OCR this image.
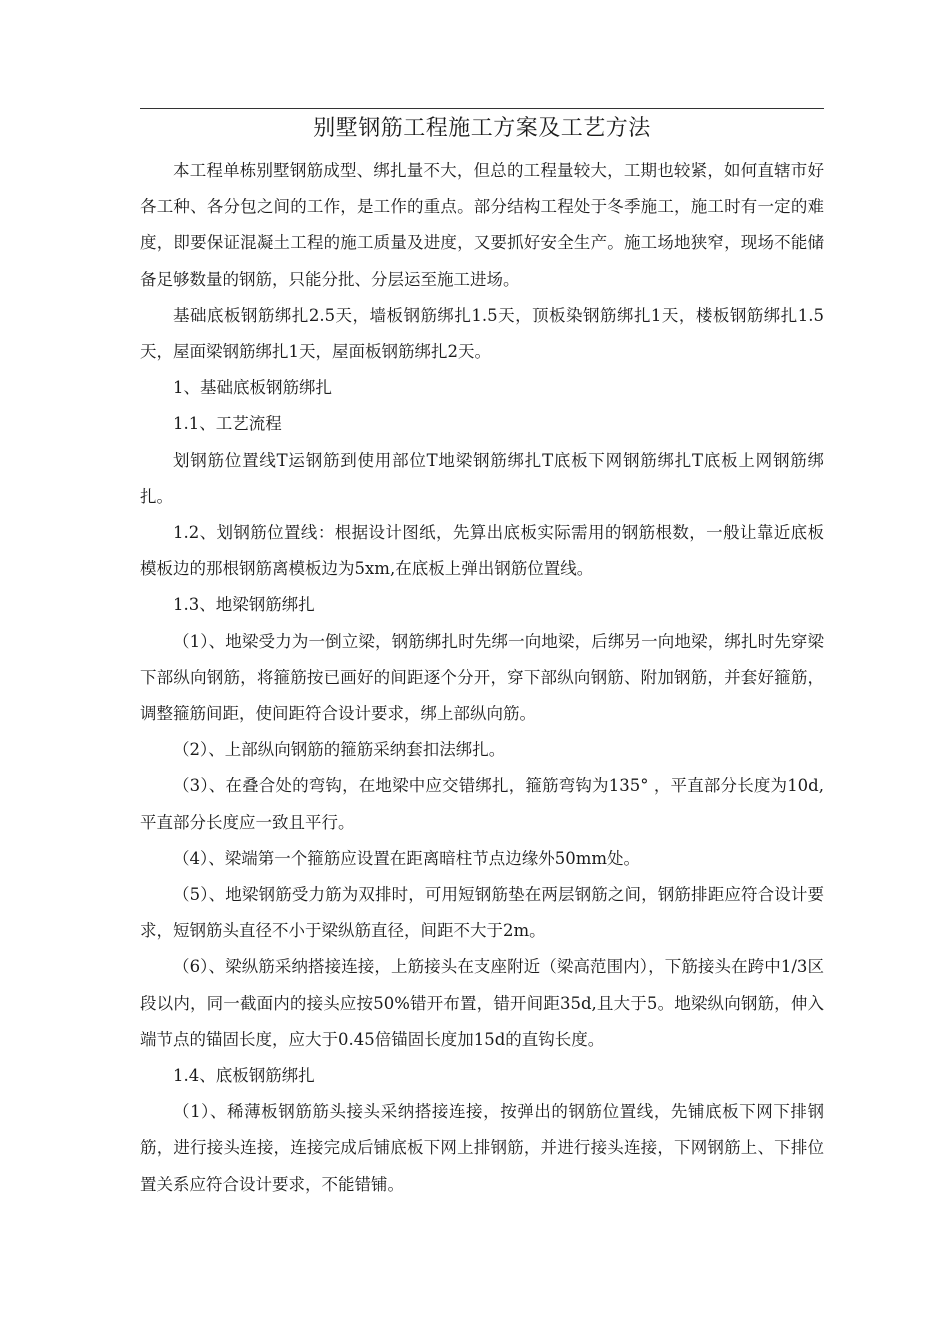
别墅钢筋工程施工方案及工艺方法

本工程单栋别墅钢筋成型、绑扎量不大，但总的工程量较大，工期也较紧，如何直辖市好各工种、各分包之间的工作，是工作的重点。部分结构工程处于冬季施工，施工时有一定的难度，即要保证混凝土工程的施工质量及进度，又要抓好安全生产。施工场地狭窄，现场不能储备足够数量的钢筋，只能分批、分层运至施工进场。

基础底板钢筋绑扎2.5天，墙板钢筋绑扎1.5天，顶板染钢筋绑扎1天，楼板钢筋绑扎1.5天，屋面梁钢筋绑扎1天，屋面板钢筋绑扎2天。

1、基础底板钢筋绑扎

1.1、工艺流程

划钢筋位置线T运钢筋到使用部位T地梁钢筋绑扎T底板下网钢筋绑扎T底板上网钢筋绑扎。

1.2、划钢筋位置线：根据设计图纸，先算出底板实际需用的钢筋根数，一般让靠近底板模板边的那根钢筋离模板边为5xm,在底板上弹出钢筋位置线。

1.3、地梁钢筋绑扎

（1）、地梁受力为一倒立梁，钢筋绑扎时先绑一向地梁，后绑另一向地梁，绑扎时先穿梁下部纵向钢筋，将箍筋按已画好的间距逐个分开，穿下部纵向钢筋、附加钢筋，并套好箍筋，调整箍筋间距，使间距符合设计要求，绑上部纵向筋。

（2）、上部纵向钢筋的箍筋采纳套扣法绑扎。

（3）、在叠合处的弯钩，在地梁中应交错绑扎，箍筋弯钩为135° ，平直部分长度为10d,平直部分长度应一致且平行。

（4）、梁端第一个箍筋应设置在距离暗柱节点边缘外50mm处。

（5）、地梁钢筋受力筋为双排时，可用短钢筋垫在两层钢筋之间，钢筋排距应符合设计要求，短钢筋头直径不小于梁纵筋直径，间距不大于2m。

（6）、梁纵筋采纳搭接连接，上筋接头在支座附近（梁高范围内），下筋接头在跨中1/3区段以内，同一截面内的接头应按50%错开布置，错开间距35d,且大于5。地梁纵向钢筋，伸入端节点的锚固长度，应大于0.45倍锚固长度加15d的直钩长度。

1.4、底板钢筋绑扎

（1）、稀薄板钢筋筋头接头采纳搭接连接，按弹出的钢筋位置线，先铺底板下网下排钢筋，进行接头连接，连接完成后铺底板下网上排钢筋，并进行接头连接，下网钢筋上、下排位置关系应符合设计要求，不能错铺。
